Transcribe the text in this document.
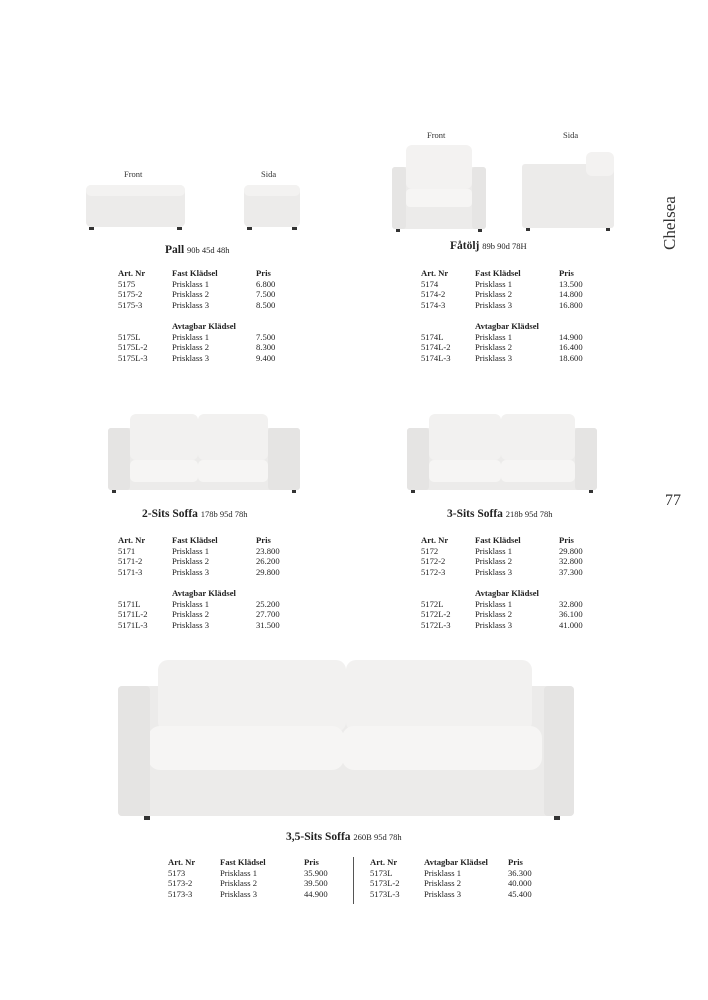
Chelsea
77
Front	Sida
Pall 90b 45d 48h
Art. Nr	Fast Klädsel	Pris
5175	Prisklass 1	6.800
5175-2	Prisklass 2	7.500
5175-3	Prisklass 3	8.500
	Avtagbar Klädsel	
5175L	Prisklass 1	7.500
5175L-2	Prisklass 2	8.300
5175L-3	Prisklass 3	9.400
Front	Sida
Fåtölj 89b 90d 78H
Art. Nr	Fast Klädsel	Pris
5174	Prisklass 1	13.500
5174-2	Prisklass 2	14.800
5174-3	Prisklass 3	16.800
	Avtagbar Klädsel	
5174L	Prisklass 1	14.900
5174L-2	Prisklass 2	16.400
5174L-3	Prisklass 3	18.600
2-Sits Soffa 178b 95d 78h
Art. Nr	Fast Klädsel	Pris
5171	Prisklass 1	23.800
5171-2	Prisklass 2	26.200
5171-3	Prisklass 3	29.800
	Avtagbar Klädsel	
5171L	Prisklass 1	25.200
5171L-2	Prisklass 2	27.700
5171L-3	Prisklass 3	31.500
3-Sits Soffa 218b 95d 78h
Art. Nr	Fast Klädsel	Pris
5172	Prisklass 1	29.800
5172-2	Prisklass 2	32.800
5172-3	Prisklass 3	37.300
	Avtagbar Klädsel	
5172L	Prisklass 1	32.800
5172L-2	Prisklass 2	36.100
5172L-3	Prisklass 3	41.000
3,5-Sits Soffa 260B 95d 78h
Art. Nr	Fast Klädsel	Pris
5173	Prisklass 1	35.900
5173-2	Prisklass 2	39.500
5173-3	Prisklass 3	44.900
Art. Nr	Avtagbar Klädsel	Pris
5173L	Prisklass 1	36.300
5173L-2	Prisklass 2	40.000
5173L-3	Prisklass 3	45.400
